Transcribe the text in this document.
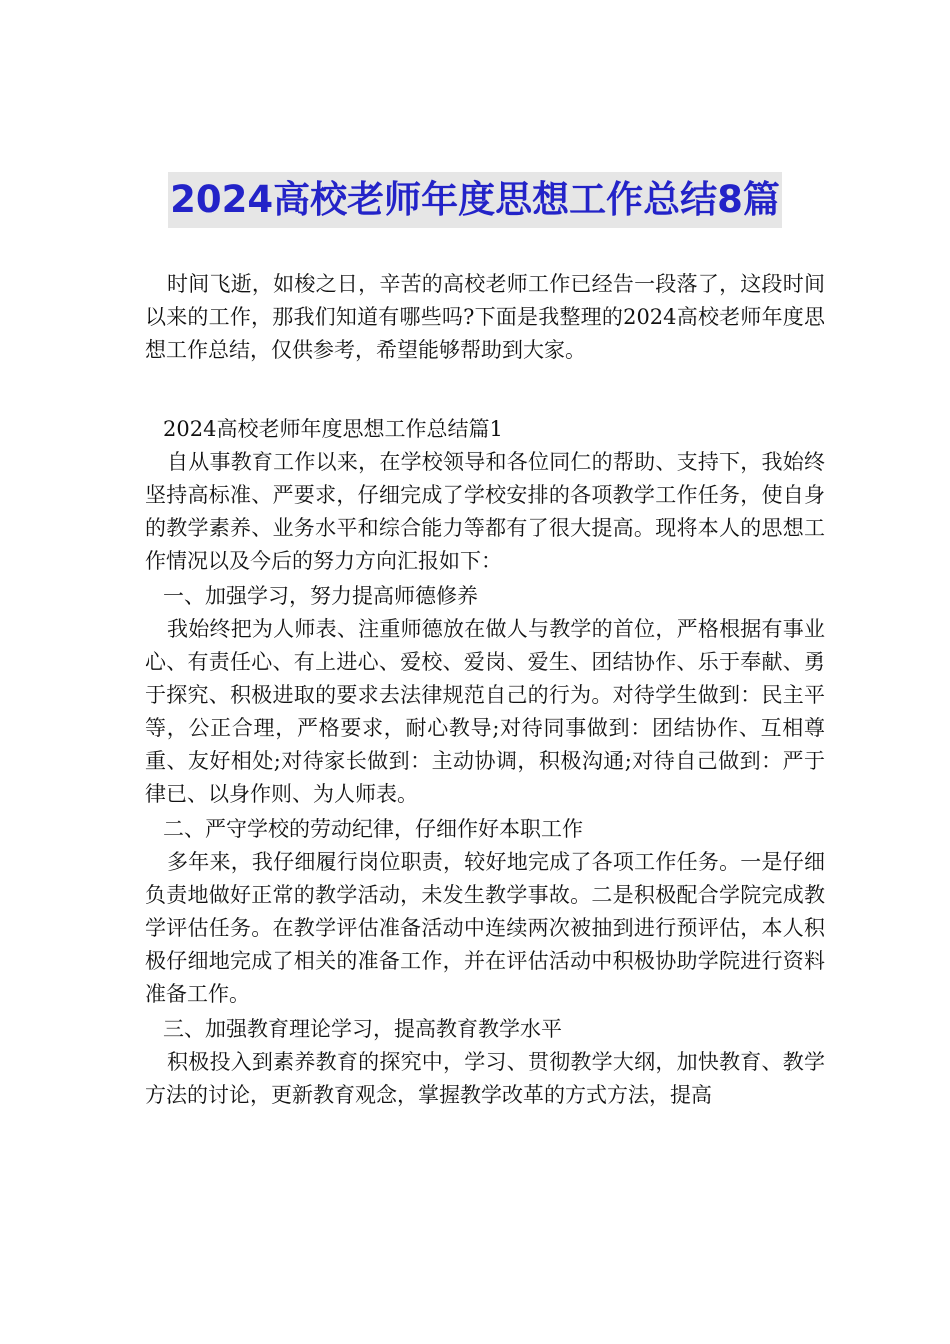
2024高校老师年度思想工作总结8篇

时间飞逝，如梭之日，辛苦的高校老师工作已经告一段落了，这段时间以来的工作，那我们知道有哪些吗?下面是我整理的2024高校老师年度思想工作总结，仅供参考，希望能够帮助到大家。

2024高校老师年度思想工作总结篇1

自从事教育工作以来，在学校领导和各位同仁的帮助、支持下，我始终坚持高标准、严要求，仔细完成了学校安排的各项教学工作任务，使自身的教学素养、业务水平和综合能力等都有了很大提高。现将本人的思想工作情况以及今后的努力方向汇报如下：

一、加强学习，努力提高师德修养

我始终把为人师表、注重师德放在做人与教学的首位，严格根据有事业心、有责任心、有上进心、爱校、爱岗、爱生、团结协作、乐于奉献、勇于探究、积极进取的要求去法律规范自己的行为。对待学生做到：民主平等，公正合理，严格要求，耐心教导;对待同事做到：团结协作、互相尊重、友好相处;对待家长做到：主动协调，积极沟通;对待自己做到：严于律已、以身作则、为人师表。

二、严守学校的劳动纪律，仔细作好本职工作

多年来，我仔细履行岗位职责，较好地完成了各项工作任务。一是仔细负责地做好正常的教学活动，未发生教学事故。二是积极配合学院完成教学评估任务。在教学评估准备活动中连续两次被抽到进行预评估，本人积极仔细地完成了相关的准备工作，并在评估活动中积极协助学院进行资料准备工作。

三、加强教育理论学习，提高教育教学水平

积极投入到素养教育的探究中，学习、贯彻教学大纲，加快教育、教学方法的讨论，更新教育观念，掌握教学改革的方式方法，提高
